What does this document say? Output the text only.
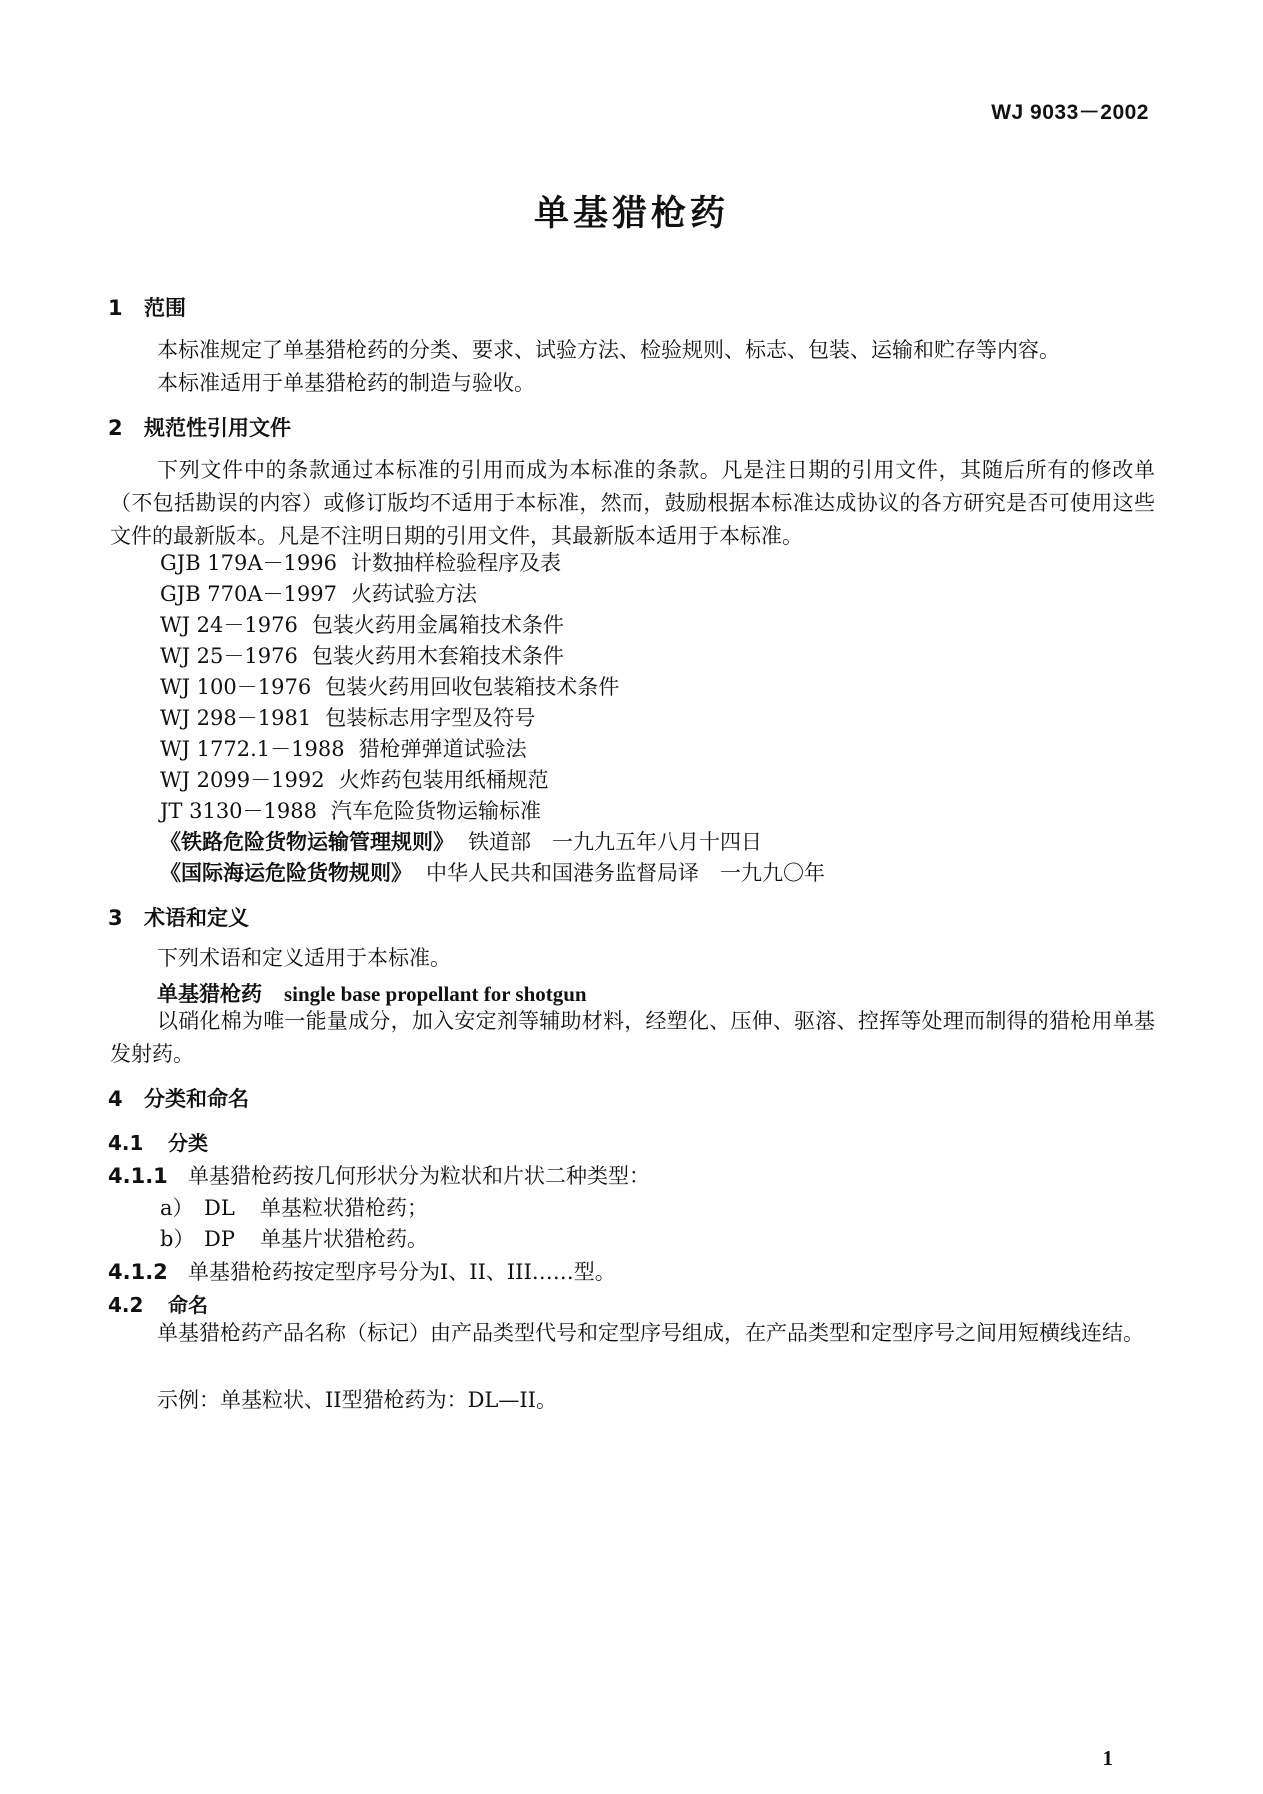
WJ 9033－2002
单基猎枪药
1 范围
本标准规定了单基猎枪药的分类、要求、试验方法、检验规则、标志、包装、运输和贮存等内容。
本标准适用于单基猎枪药的制造与验收。
2 规范性引用文件
下列文件中的条款通过本标准的引用而成为本标准的条款。凡是注日期的引用文件，其随后所有的修改单（不包括勘误的内容）或修订版均不适用于本标准，然而，鼓励根据本标准达成协议的各方研究是否可使用这些文件的最新版本。凡是不注明日期的引用文件，其最新版本适用于本标准。
GJB 179A－1996 计数抽样检验程序及表
GJB 770A－1997 火药试验方法
WJ 24－1976 包装火药用金属箱技术条件
WJ 25－1976 包装火药用木套箱技术条件
WJ 100－1976 包装火药用回收包装箱技术条件
WJ 298－1981 包装标志用字型及符号
WJ 1772.1－1988 猎枪弹弹道试验法
WJ 2099－1992 火炸药包装用纸桶规范
JT 3130－1988 汽车危险货物运输标准
《铁路危险货物运输管理规则》 铁道部　一九九五年八月十四日
《国际海运危险货物规则》 中华人民共和国港务监督局译　一九九〇年
3 术语和定义
下列术语和定义适用于本标准。
单基猎枪药 single base propellant for shotgun
以硝化棉为唯一能量成分，加入安定剂等辅助材料，经塑化、压伸、驱溶、控挥等处理而制得的猎枪用单基发射药。
4 分类和命名
4.1 分类
4.1.1 单基猎枪药按几何形状分为粒状和片状二种类型：
a） DL 单基粒状猎枪药；
b） DP 单基片状猎枪药。
4.1.2 单基猎枪药按定型序号分为I、II、III……型。
4.2 命名
单基猎枪药产品名称（标记）由产品类型代号和定型序号组成，在产品类型和定型序号之间用短横线连结。
示例：单基粒状、II型猎枪药为：DL—II。
1
